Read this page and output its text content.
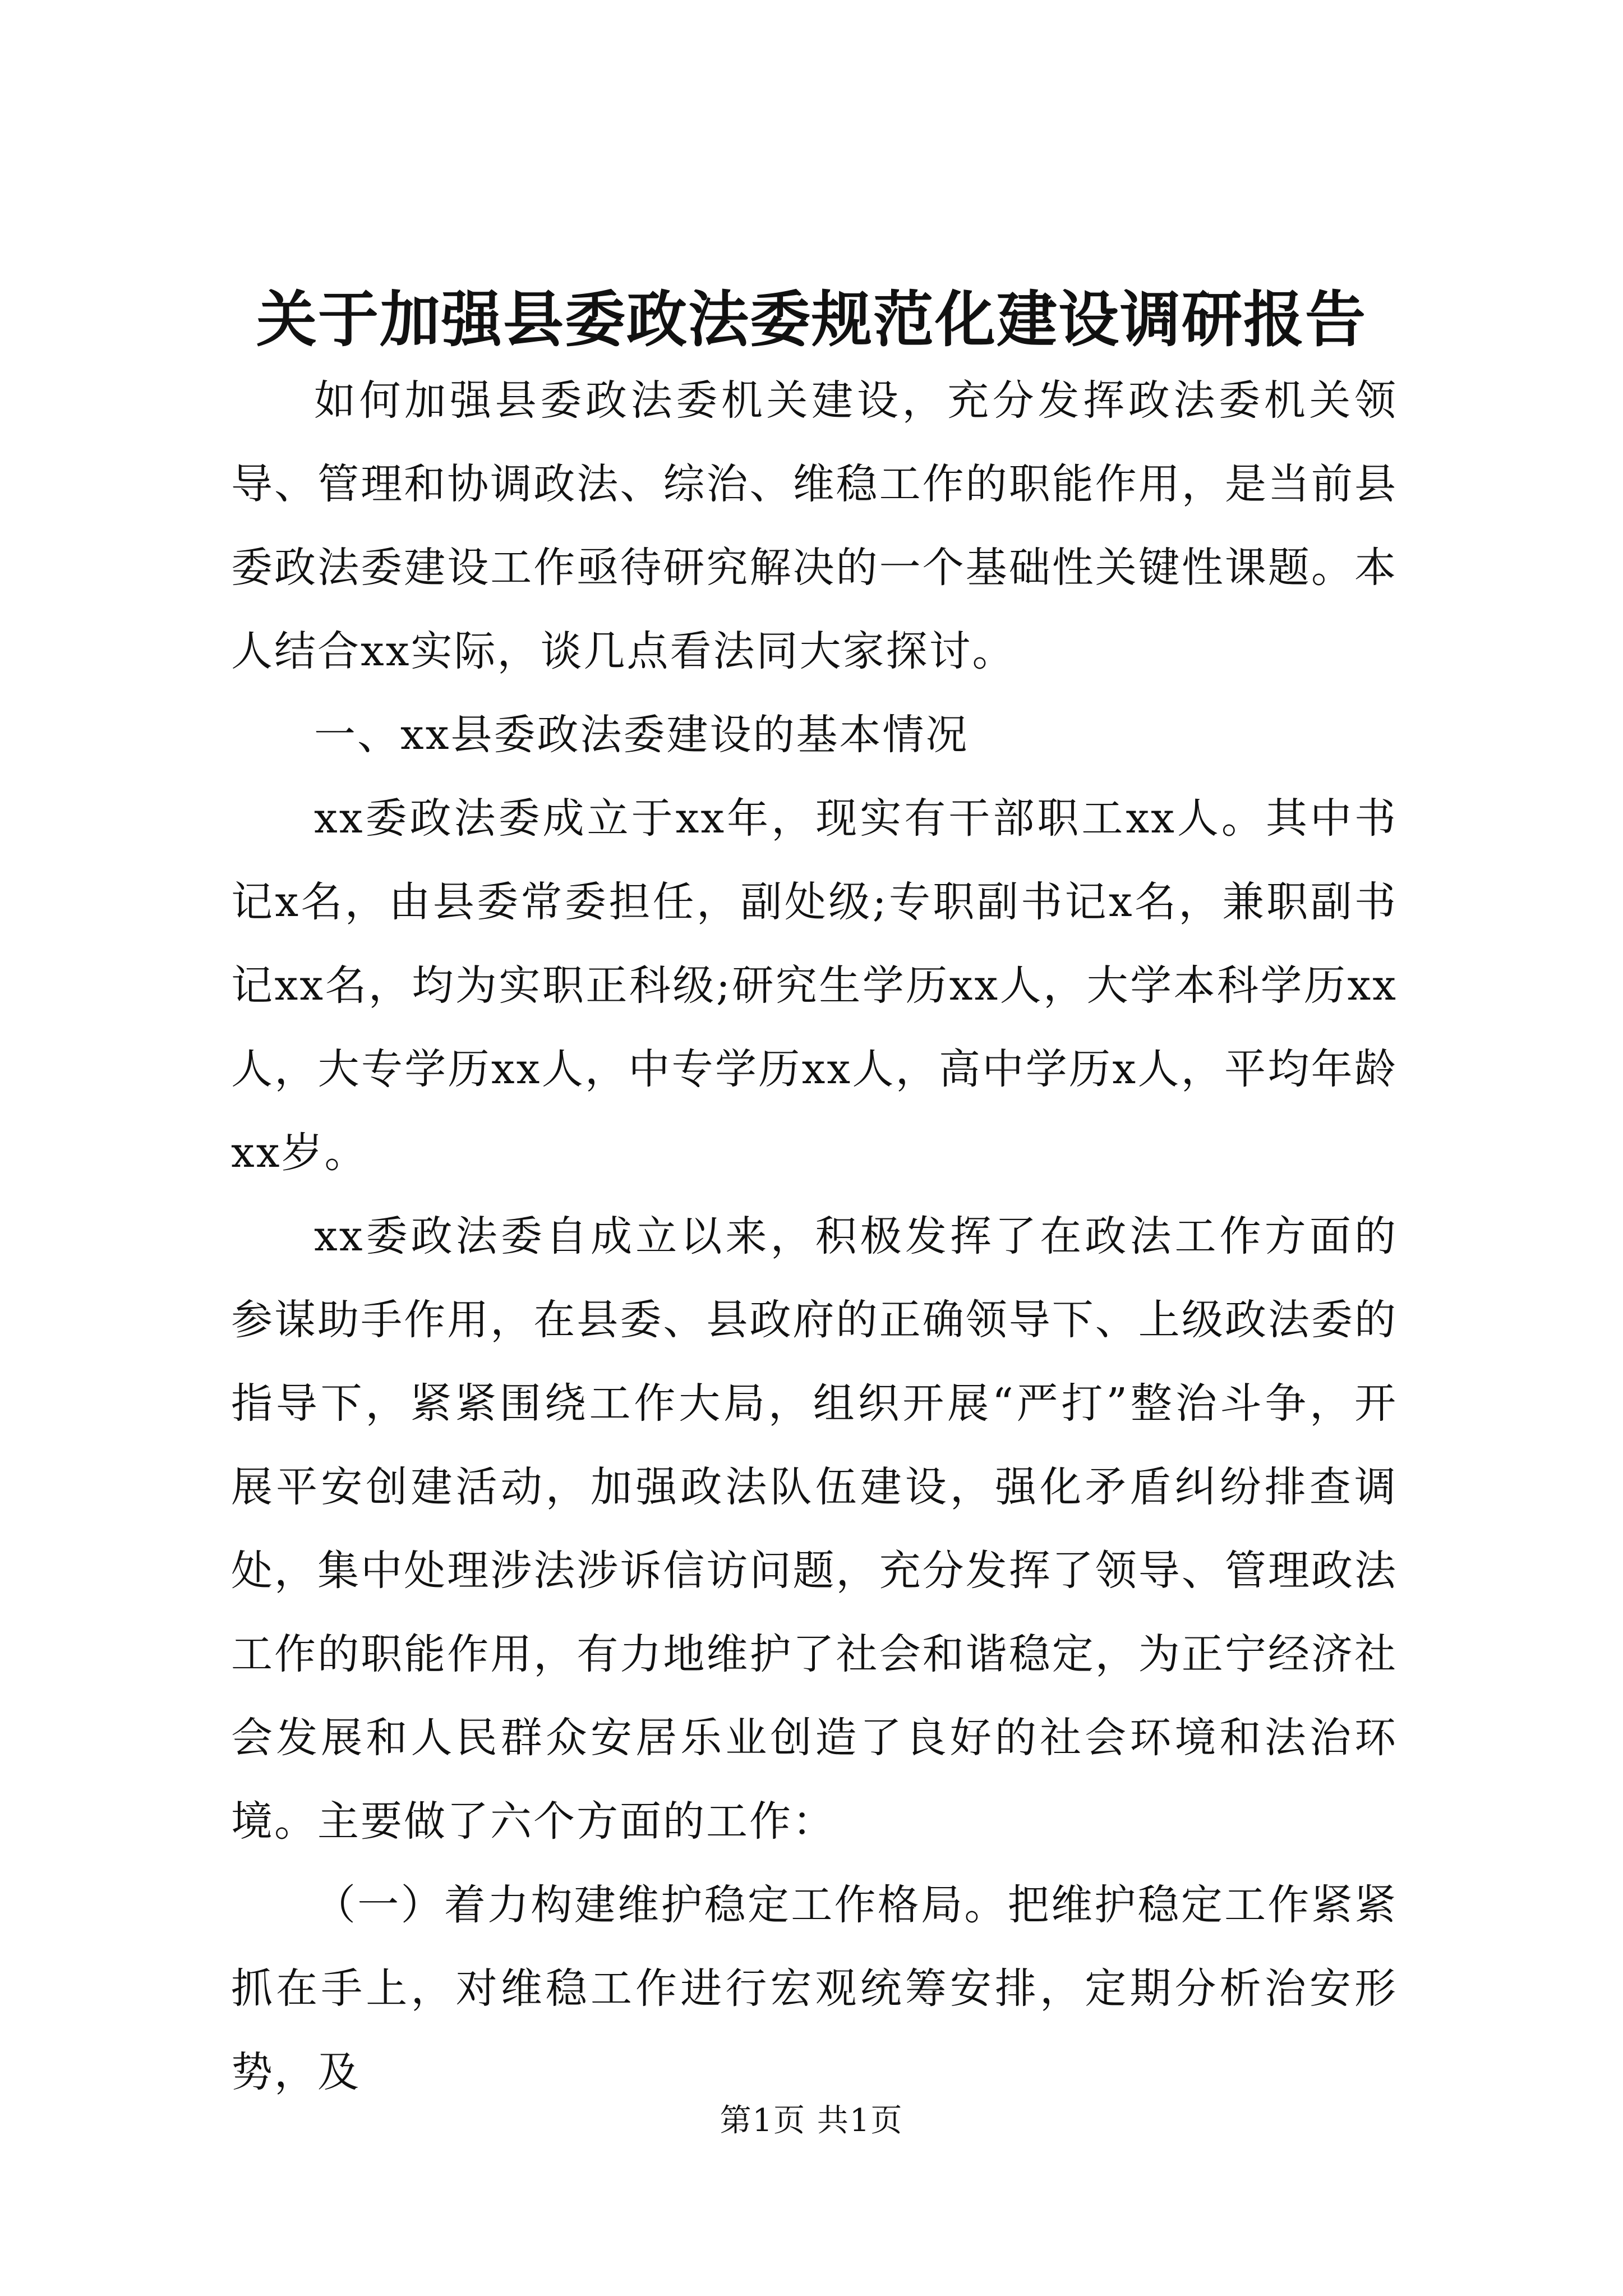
关于加强县委政法委规范化建设调研报告

如何加强县委政法委机关建设，充分发挥政法委机关领导、管理和协调政法、综治、维稳工作的职能作用，是当前县委政法委建设工作亟待研究解决的一个基础性关键性课题。本人结合xx实际，谈几点看法同大家探讨。

一、xx县委政法委建设的基本情况

xx委政法委成立于xx年，现实有干部职工xx人。其中书记x名，由县委常委担任，副处级;专职副书记x名，兼职副书记xx名，均为实职正科级;研究生学历xx人，大学本科学历xx人，大专学历xx人，中专学历xx人，高中学历x人，平均年龄xx岁。

xx委政法委自成立以来，积极发挥了在政法工作方面的参谋助手作用，在县委、县政府的正确领导下、上级政法委的指导下，紧紧围绕工作大局，组织开展“严打”整治斗争，开展平安创建活动，加强政法队伍建设，强化矛盾纠纷排查调处，集中处理涉法涉诉信访问题，充分发挥了领导、管理政法工作的职能作用，有力地维护了社会和谐稳定，为正宁经济社会发展和人民群众安居乐业创造了良好的社会环境和法治环境。主要做了六个方面的工作：

（一）着力构建维护稳定工作格局。把维护稳定工作紧紧抓在手上，对维稳工作进行宏观统筹安排，定期分析治安形势，及

第1页 共1页
